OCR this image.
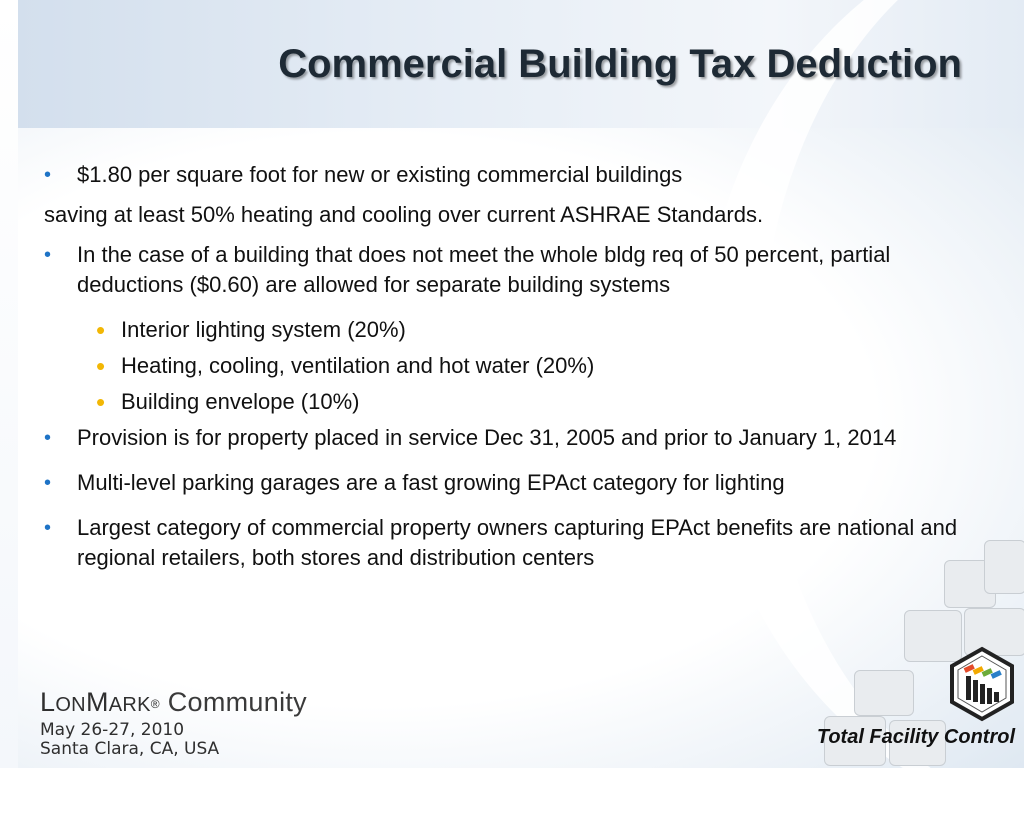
Commercial Building Tax Deduction

•	$1.80 per square foot for new or existing commercial buildings

saving at least 50% heating and cooling over current ASHRAE Standards.

•	In the case of a building that does not meet the whole bldg req of 50 percent, partial deductions ($0.60) are allowed for separate building systems

• Interior lighting system (20%)

• Heating, cooling, ventilation and hot water (20%)

• Building envelope (10%)

•	Provision is for property placed in service Dec 31, 2005 and prior to January 1, 2014

•	Multi-level parking garages are a fast growing EPAct category for lighting

•	Largest category of commercial property owners capturing EPAct benefits are national and regional retailers, both stores and distribution centers

Total Facility Control
LONMARK® Community
May 26-27, 2010
Santa Clara, CA, USA
